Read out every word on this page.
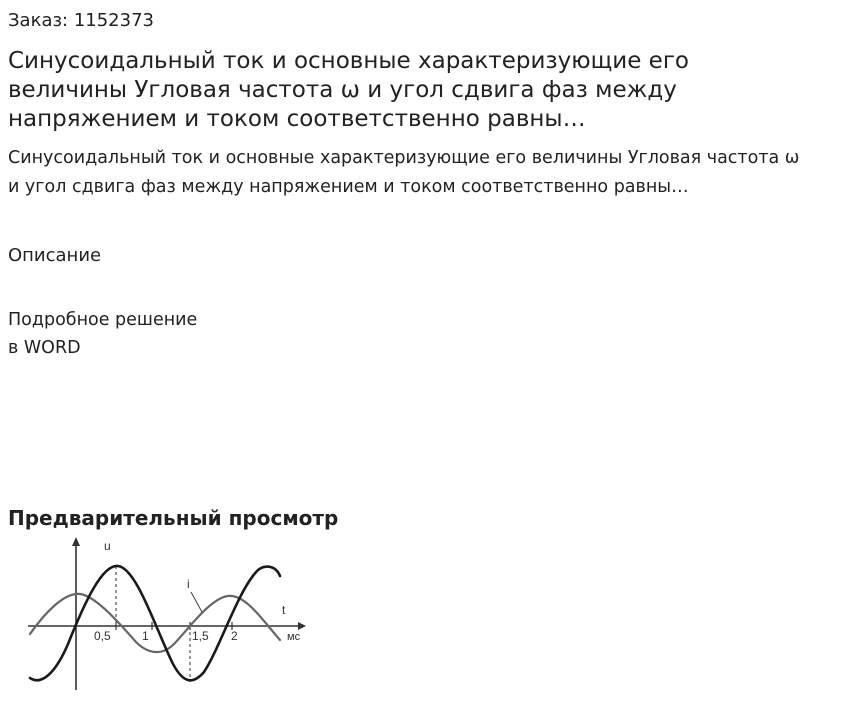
Заказ: 1152373

Синусоидальный ток и основные характеризующие его величины Угловая частота ω и угол сдвига фаз между напряжением и током соответственно равны…

Синусоидальный ток и основные характеризующие его величины Угловая частота ω и угол сдвига фаз между напряжением и током соответственно равны…

Описание
Подробное решение
в WORD
Предварительный просмотр
u
i
t
мс
0,5	1	1,5 2
